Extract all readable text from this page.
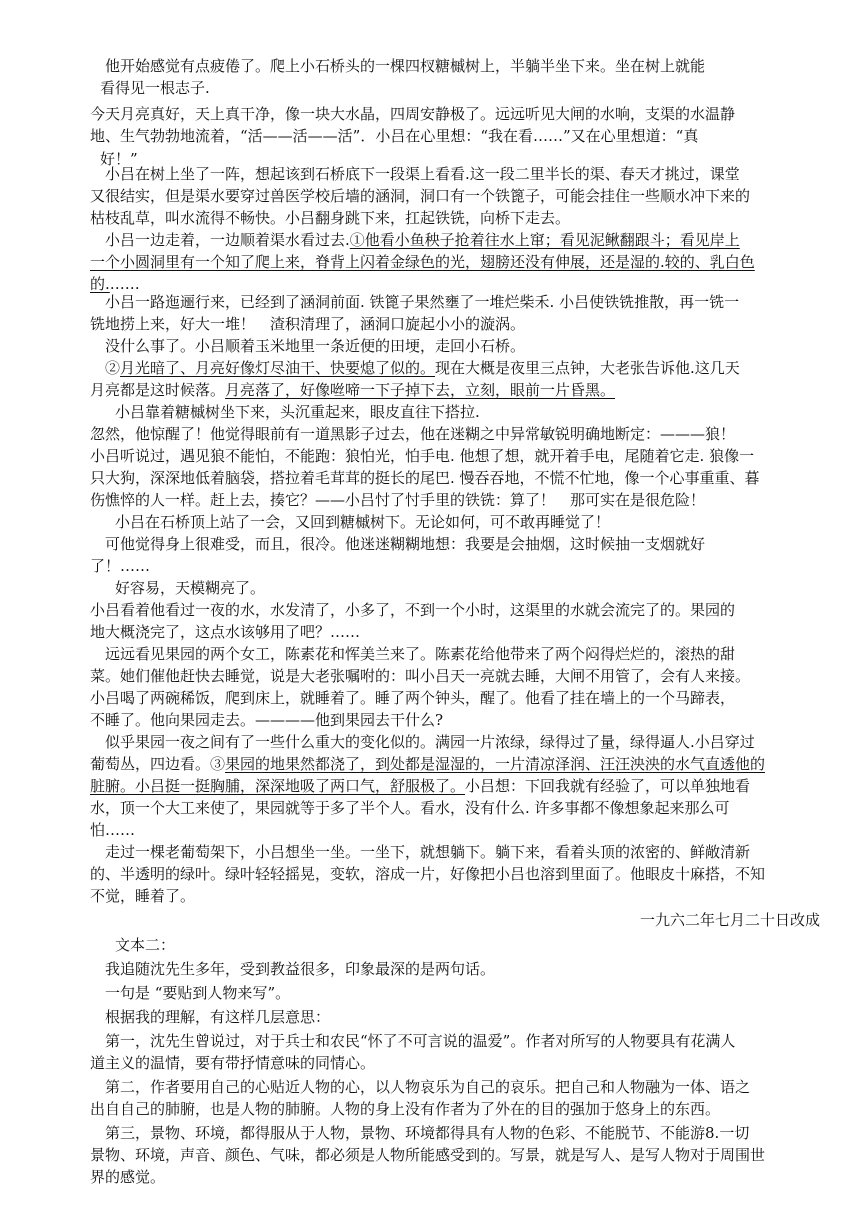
　他开始感觉有点疲倦了。爬上小石桥头的一棵四杈糖槭树上，半躺半坐下来。坐在树上就能
看得见一根志子.
今天月亮真好，天上真干净，像一块大水晶，四周安静极了。远远听见大闸的水响，支渠的水温静
地、生气勃勃地流着，“活——活——活”．小吕在心里想：“我在看……”又在心里想道：“真
好！”
　小吕在树上坐了一阵，想起该到石桥底下一段渠上看看.这一段二里半长的渠、春天才挑过，课堂
又很结实，但是渠水要穿过兽医学校后墙的涵洞，洞口有一个铁篦子，可能会挂住一些顺水冲下来的
枯枝乱草，叫水流得不畅快。小吕翻身跳下来，扛起铁铣，向桥下走去。
　小吕一边走着，一边顺着渠水看过去.①他看小鱼秧子抢着往水上窜；看见泥鳅翻跟斗；看见岸上
一个小圆洞里有一个知了爬上来，脊背上闪着金绿色的光，翅膀还没有伸展，还是湿的.较的、乳白色
的.……
　小吕一路迤逦行来，已经到了涵洞前面. 铁篦子果然壅了一堆烂柴禾. 小吕使铁铣推散，再一铣一
铣地捞上来，好大一堆！　渣积清理了，涵洞口旋起小小的漩涡。
　没什么事了。小吕顺着玉米地里一条近便的田埂，走回小石桥。
　②月光暗了、月亮好像灯尽油干、快要熄了似的。现在大概是夜里三点钟，大老张告诉他.这几天
月亮都是这时候落。月亮落了，好像咝啼一下子掉下去，立刻，眼前一片昏黑。
　小吕靠着糖槭树坐下来，头沉重起来，眼皮直往下搭拉.
忽然，他惊醒了！他觉得眼前有一道黑影子过去，他在迷糊之中异常敏锐明确地断定：———狼！
小吕听说过，遇见狼不能怕，不能跑：狼怕光，怕手电. 他想了想，就开着手电，尾随着它走. 狼像一
只大狗，深深地低着脑袋，搭拉着毛茸茸的挺长的尾巴. 慢吞吞地，不慌不忙地，像一个心事重重、暮
伤憔悴的人一样。赶上去，揍它？——小吕忖了忖手里的铁铣：算了！　那可实在是很危险！
　小吕在石桥顶上站了一会，又回到糖槭树下。无论如何，可不敢再睡觉了！
　可他觉得身上很难受，而且，很冷。他迷迷糊糊地想：我要是会抽烟，这时候抽一支烟就好
了！……
　好容易，天模糊亮了。
小吕看着他看过一夜的水，水发清了，小多了，不到一个小时，这渠里的水就会流完了的。果园的
地大概浇完了，这点水该够用了吧？……
　远远看见果园的两个女工，陈素花和恽美兰来了。陈素花给他带来了两个闷得烂烂的，滚热的甜
菜。她们催他赶快去睡觉，说是大老张嘱咐的：叫小吕天一亮就去睡，大闸不用管了，会有人来接。
小吕喝了两碗稀饭，爬到床上，就睡着了。睡了两个钟头，醒了。他看了挂在墙上的一个马蹄表，
不睡了。他向果园走去。————他到果园去干什么?
　似乎果园一夜之间有了一些什么重大的变化似的。满园一片浓绿，绿得过了量，绿得逼人.小吕穿过
葡萄丛，四边看。③果园的地果然都浇了，到处都是湿湿的，一片清凉泽润、汪汪泱泱的水气直透他的
脏腑。小吕挺一挺胸脯，深深地吸了两口气，舒服极了。小吕想：下回我就有经验了，可以单独地看
水，顶一个大工来使了，果园就等于多了半个人。看水，没有什么. 许多事都不像想象起来那么可
怕……
　走过一棵老葡萄架下，小吕想坐一坐。一坐下，就想躺下。躺下来，看着头顶的浓密的、鲜敞清新
的、半透明的绿叶。绿叶轻轻摇晃，变软，溶成一片，好像把小吕也溶到里面了。他眼皮十麻搭，不知
不觉，睡着了。
一九六二年七月二十日改成
　文本二：
　我追随沈先生多年，受到教益很多，印象最深的是两句话。
　一句是 “要贴到人物来写”。
　根据我的理解，有这样几层意思：
　第一，沈先生曾说过，对于兵士和农民“怀了不可言说的温爱”。作者对所写的人物要具有花满人
道主义的温情，要有带抒情意味的同情心。
　第二，作者要用自己的心贴近人物的心，以人物哀乐为自己的哀乐。把自己和人物融为一体、语之
出自自己的肺腑，也是人物的肺腑。人物的身上没有作者为了外在的目的强加于悠身上的东西。
　第三，景物、环境，都得服从于人物，景物、环境都得具有人物的色彩、不能脱节、不能游8.一切
景物、环境，声音、颜色、气味，都必须是人物所能感受到的。写景，就是写人、是写人物对于周围世
界的感觉。
